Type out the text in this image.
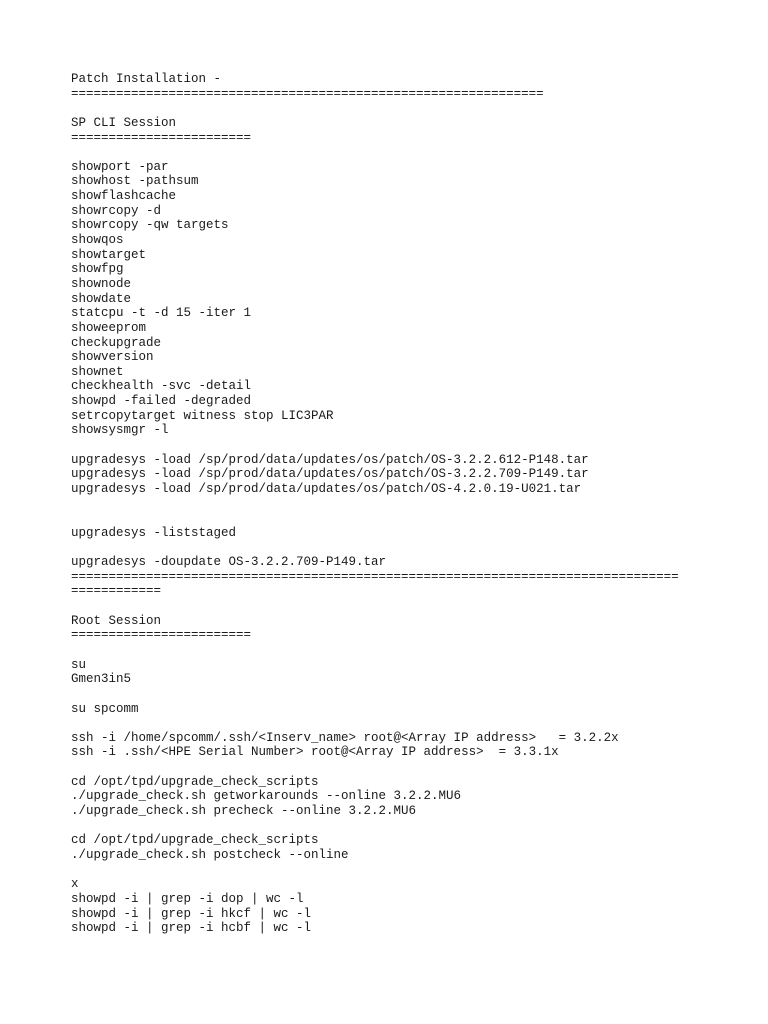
Patch Installation -
===============================================================
SP CLI Session
========================
showport -par
showhost -pathsum
showflashcache
showrcopy -d
showrcopy -qw targets
showqos
showtarget
showfpg
shownode
showdate
statcpu -t -d 15 -iter 1
showeeprom
checkupgrade
showversion
shownet
checkhealth -svc -detail
showpd -failed -degraded
setrcopytarget witness stop LIC3PAR
showsysmgr -l
upgradesys -load /sp/prod/data/updates/os/patch/OS-3.2.2.612-P148.tar
upgradesys -load /sp/prod/data/updates/os/patch/OS-3.2.2.709-P149.tar
upgradesys -load /sp/prod/data/updates/os/patch/OS-4.2.0.19-U021.tar
upgradesys -liststaged
upgradesys -doupdate OS-3.2.2.709-P149.tar
=================================================================================
============
Root Session
========================
su
Gmen3in5
su spcomm
ssh -i /home/spcomm/.ssh/<Inserv_name> root@<Array IP address>   = 3.2.2x
ssh -i .ssh/<HPE Serial Number> root@<Array IP address>  = 3.3.1x
cd /opt/tpd/upgrade_check_scripts
./upgrade_check.sh getworkarounds --online 3.2.2.MU6
./upgrade_check.sh precheck --online 3.2.2.MU6
cd /opt/tpd/upgrade_check_scripts
./upgrade_check.sh postcheck --online
x
showpd -i | grep -i dop | wc -l
showpd -i | grep -i hkcf | wc -l
showpd -i | grep -i hcbf | wc -l
